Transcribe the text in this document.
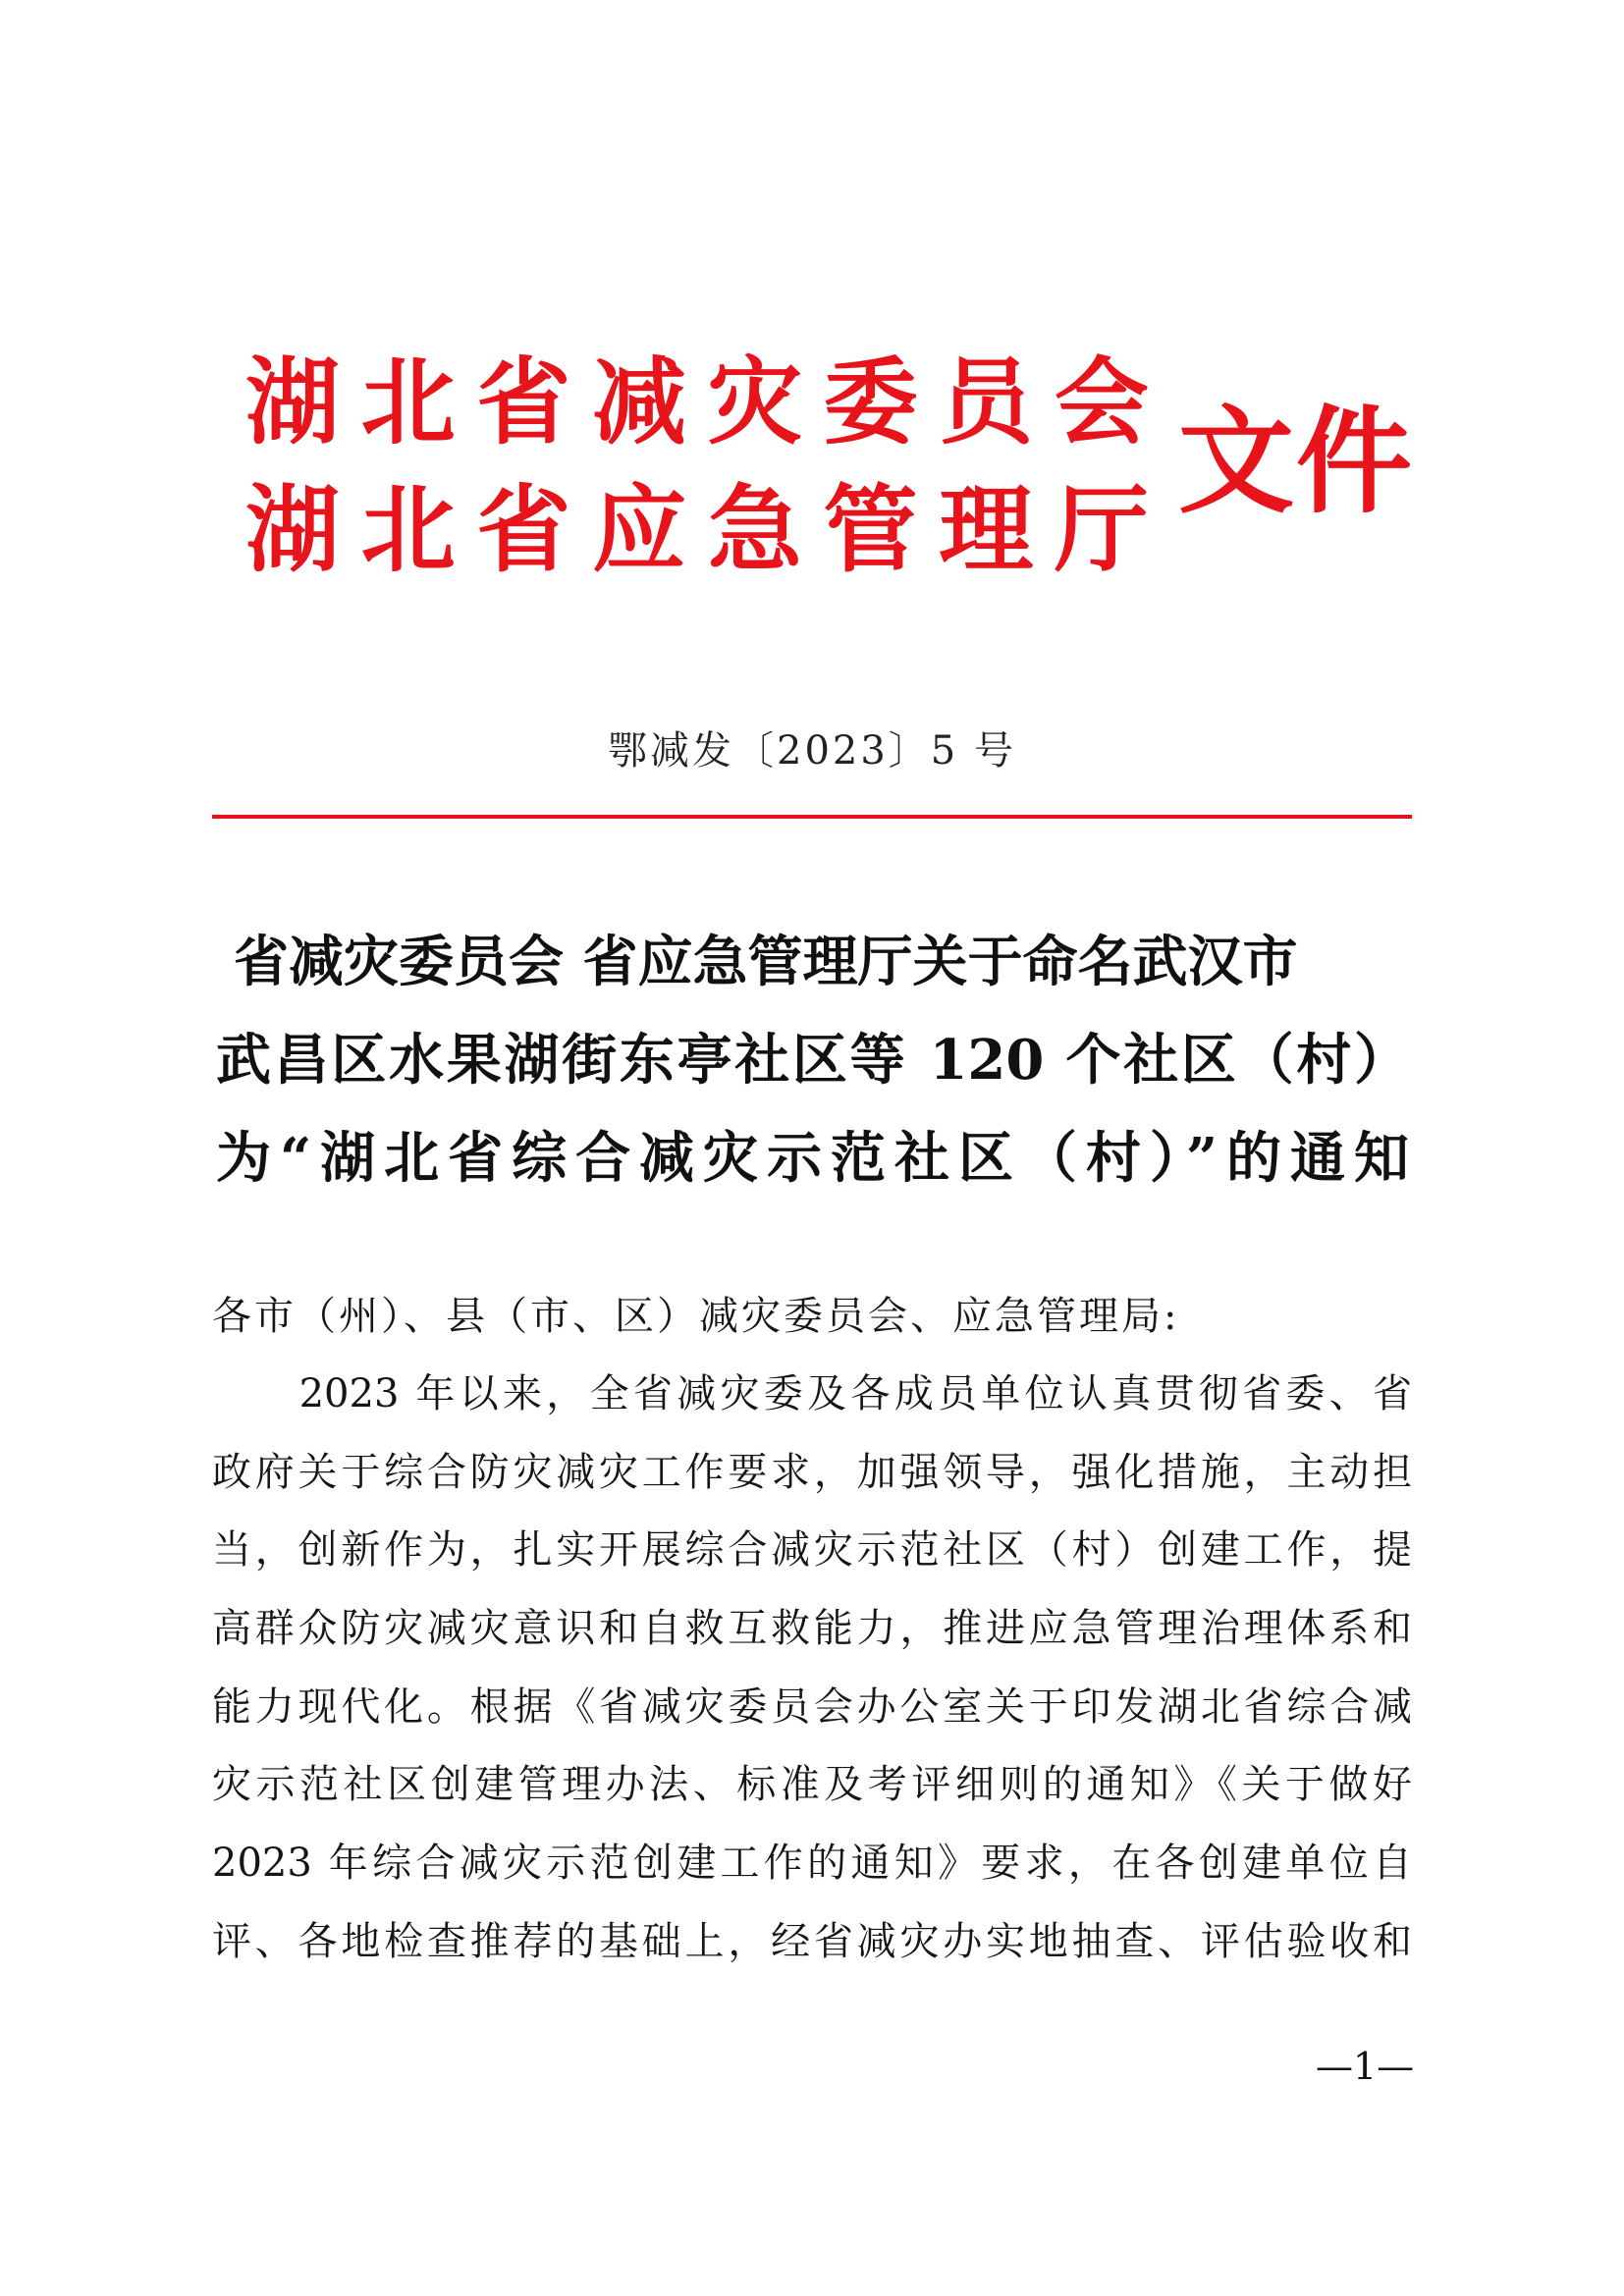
湖 北 省 减 灾 委 员 会
湖 北 省 应 急 管 理 厅
文件
鄂减发〔2023〕5 号
省减灾委员会 省应急管理厅关于命名武汉市
武昌区水果湖街东亭社区等 120 个社区（村）
为“湖北省综合减灾示范社区（村）”的通知
各市（州）、县（市、区）减灾委员会、应急管理局:
　　2023 年以来，全省减灾委及各成员单位认真贯彻省委、省
政府关于综合防灾减灾工作要求，加强领导，强化措施，主动担
当，创新作为，扎实开展综合减灾示范社区（村）创建工作，提
高群众防灾减灾意识和自救互救能力，推进应急管理治理体系和
能力现代化。根据《省减灾委员会办公室关于印发湖北省综合减
灾示范社区创建管理办法、标准及考评细则的通知》《关于做好
2023 年综合减灾示范创建工作的通知》要求，在各创建单位自
评、各地检查推荐的基础上，经省减灾办实地抽查、评估验收和
—1—
